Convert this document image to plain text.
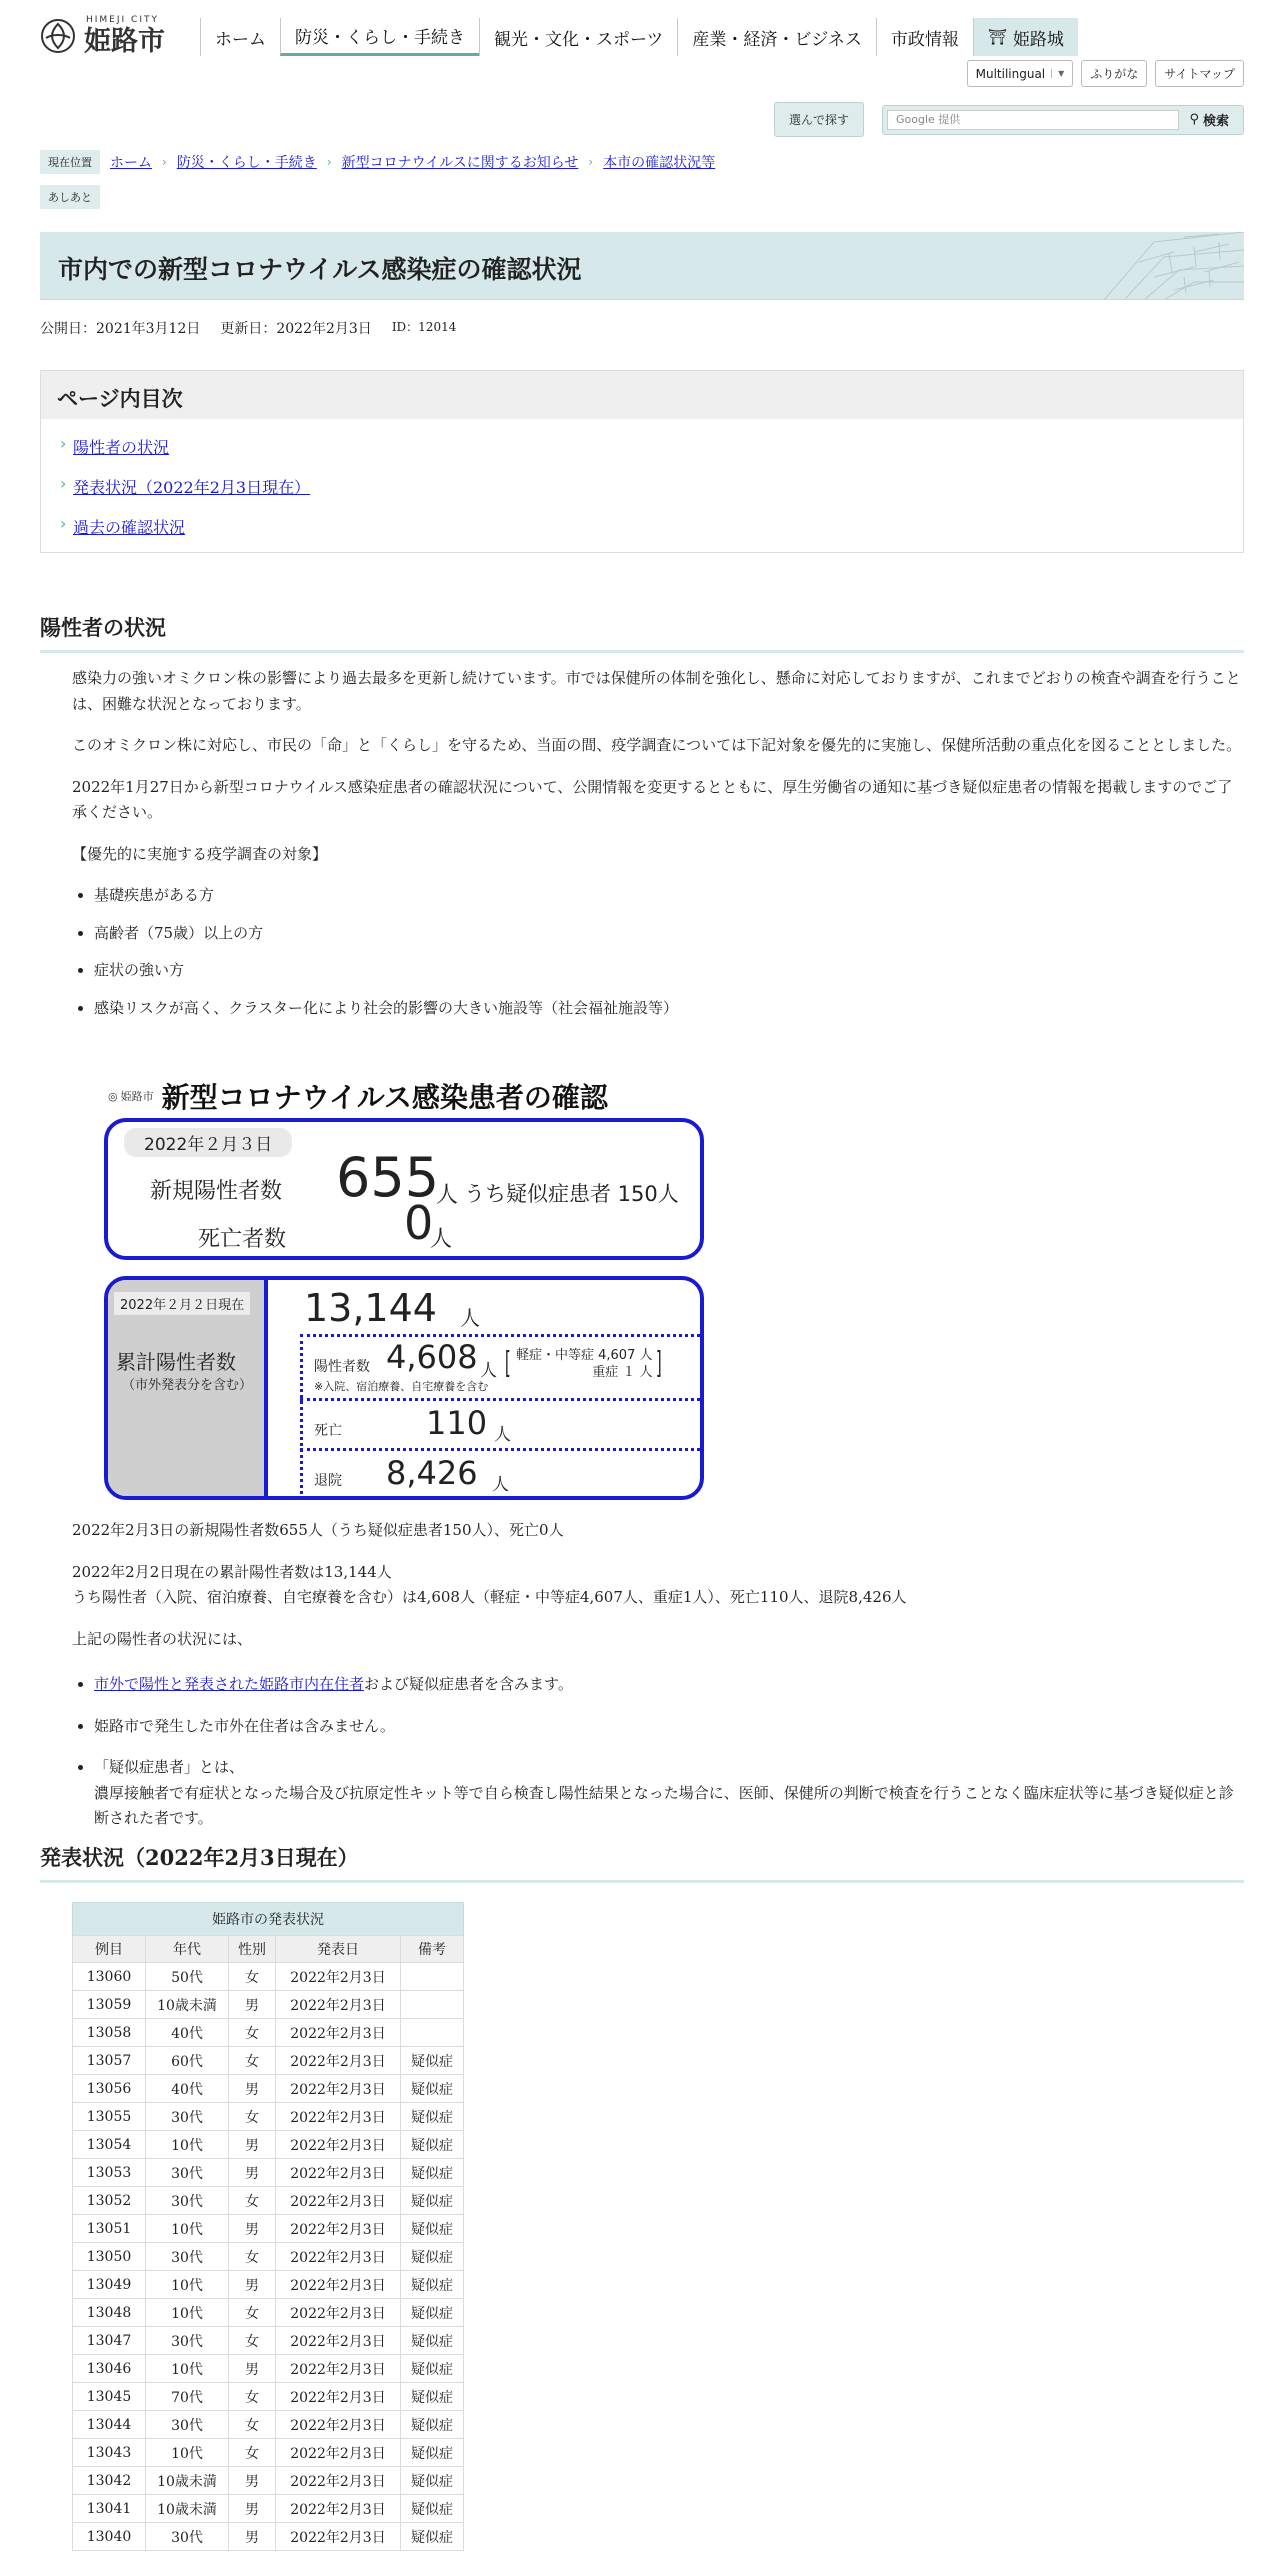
HIMEJI CITY
姫路市	ホーム	防災・くらし・手続き	観光・文化・スポーツ	産業・経済・ビジネス	市政情報	⛩ 姫路城
Multilingual	▼	ふりがな	サイトマップ
選んで探す
Google 提供	⚲ 検索
現在位置	ホーム › 防災・くらし・手続き › 新型コロナウイルスに関するお知らせ › 本市の確認状況等
あしあと
市内での新型コロナウイルス感染症の確認状況
公開日：2021年3月12日 更新日：2022年2月3日 ID：12014
ページ内目次
› 陽性者の状況
› 発表状況（2022年2月3日現在）
› 過去の確認状況
陽性者の状況

感染力の強いオミクロン株の影響により過去最多を更新し続けています。市では保健所の体制を強化し、懸命に対応しておりますが、これまでどおりの検査や調査を行うことは、困難な状況となっております。

このオミクロン株に対応し、市民の「命」と「くらし」を守るため、当面の間、疫学調査については下記対象を優先的に実施し、保健所活動の重点化を図ることとしました。

2022年1月27日から新型コロナウイルス感染症患者の確認状況について、公開情報を変更するとともに、厚生労働省の通知に基づき疑似症患者の情報を掲載しますのでご了承ください。

【優先的に実施する疫学調査の対象】

• 基礎疾患がある方
• 高齢者（75歳）以上の方
• 症状の強い方
• 感染リスクが高く、クラスター化により社会的影響の大きい施設等（社会福祉施設等）
◎ 姫路市 新型コロナウイルス感染患者の確認
2022年２月３日
新規陽性者数 655
人 うち疑似症患者 150人
死亡者数	0
人
2022年２月２日現在
累計陽性者数
（市外発表分を含む）
13,144 人
陽性者数 4,608 人
※入院、宿泊療養、自宅療養を含む
[ 軽症・中等症 4,607 人
重症 １ 人
]
死亡	110 人
退院 8,426 人

2022年2月3日の新規陽性者数655人（うち疑似症患者150人）、死亡0人

2022年2月2日現在の累計陽性者数は13,144人
うち陽性者（入院、宿泊療養、自宅療養を含む）は4,608人（軽症・中等症4,607人、重症1人）、死亡110人、退院8,426人

上記の陽性者の状況には、

• 市外で陽性と発表された姫路市内在住者および疑似症患者を含みます。
• 姫路市で発生した市外在住者は含みません。
• 「疑似症患者」とは、
濃厚接触者で有症状となった場合及び抗原定性キット等で自ら検査し陽性結果となった場合に、医師、保健所の判断で検査を行うことなく臨床症状等に基づき疑似症と診断された者です。
発表状況（2022年2月3日現在）
姫路市の発表状況
例目	年代	性別	発表日	備考
13060	50代	女	2022年2月3日	
13059	10歳未満	男	2022年2月3日	
13058	40代	女	2022年2月3日	
13057	60代	女	2022年2月3日	疑似症
13056	40代	男	2022年2月3日	疑似症
13055	30代	女	2022年2月3日	疑似症
13054	10代	男	2022年2月3日	疑似症
13053	30代	男	2022年2月3日	疑似症
13052	30代	女	2022年2月3日	疑似症
13051	10代	男	2022年2月3日	疑似症
13050	30代	女	2022年2月3日	疑似症
13049	10代	男	2022年2月3日	疑似症
13048	10代	女	2022年2月3日	疑似症
13047	30代	女	2022年2月3日	疑似症
13046	10代	男	2022年2月3日	疑似症
13045	70代	女	2022年2月3日	疑似症
13044	30代	女	2022年2月3日	疑似症
13043	10代	女	2022年2月3日	疑似症
13042	10歳未満	男	2022年2月3日	疑似症
13041	10歳未満	男	2022年2月3日	疑似症
13040	30代	男	2022年2月3日	疑似症
